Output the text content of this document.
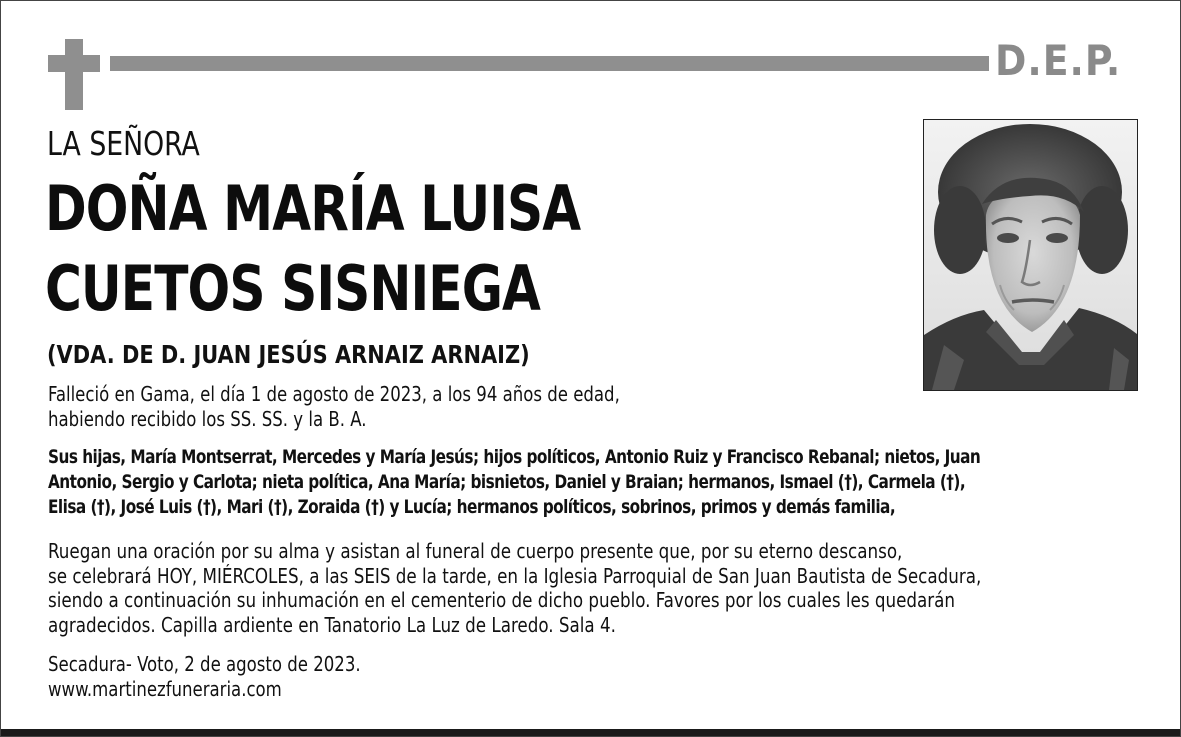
D.E.P.
LA SEÑORA
DOÑA MARÍA LUISA
CUETOS SISNIEGA
(VDA. DE D. JUAN JESÚS ARNAIZ ARNAIZ)
Falleció en Gama, el día 1 de agosto de 2023, a los 94 años de edad,
habiendo recibido los SS. SS. y la B. A.
Sus hijas, María Montserrat, Mercedes y María Jesús; hijos políticos, Antonio Ruiz y Francisco Rebanal; nietos, Juan
Antonio, Sergio y Carlota; nieta política, Ana María; bisnietos, Daniel y Braian; hermanos, Ismael (†), Carmela (†),
Elisa (†), José Luis (†), Mari (†), Zoraida (†) y Lucía; hermanos políticos, sobrinos, primos y demás familia,
Ruegan una oración por su alma y asistan al funeral de cuerpo presente que, por su eterno descanso,
se celebrará HOY, MIÉRCOLES, a las SEIS de la tarde, en la Iglesia Parroquial de San Juan Bautista de Secadura,
siendo a continuación su inhumación en el cementerio de dicho pueblo. Favores por los cuales les quedarán
agradecidos. Capilla ardiente en Tanatorio La Luz de Laredo. Sala 4.
Secadura- Voto, 2 de agosto de 2023.
www.martinezfuneraria.com
